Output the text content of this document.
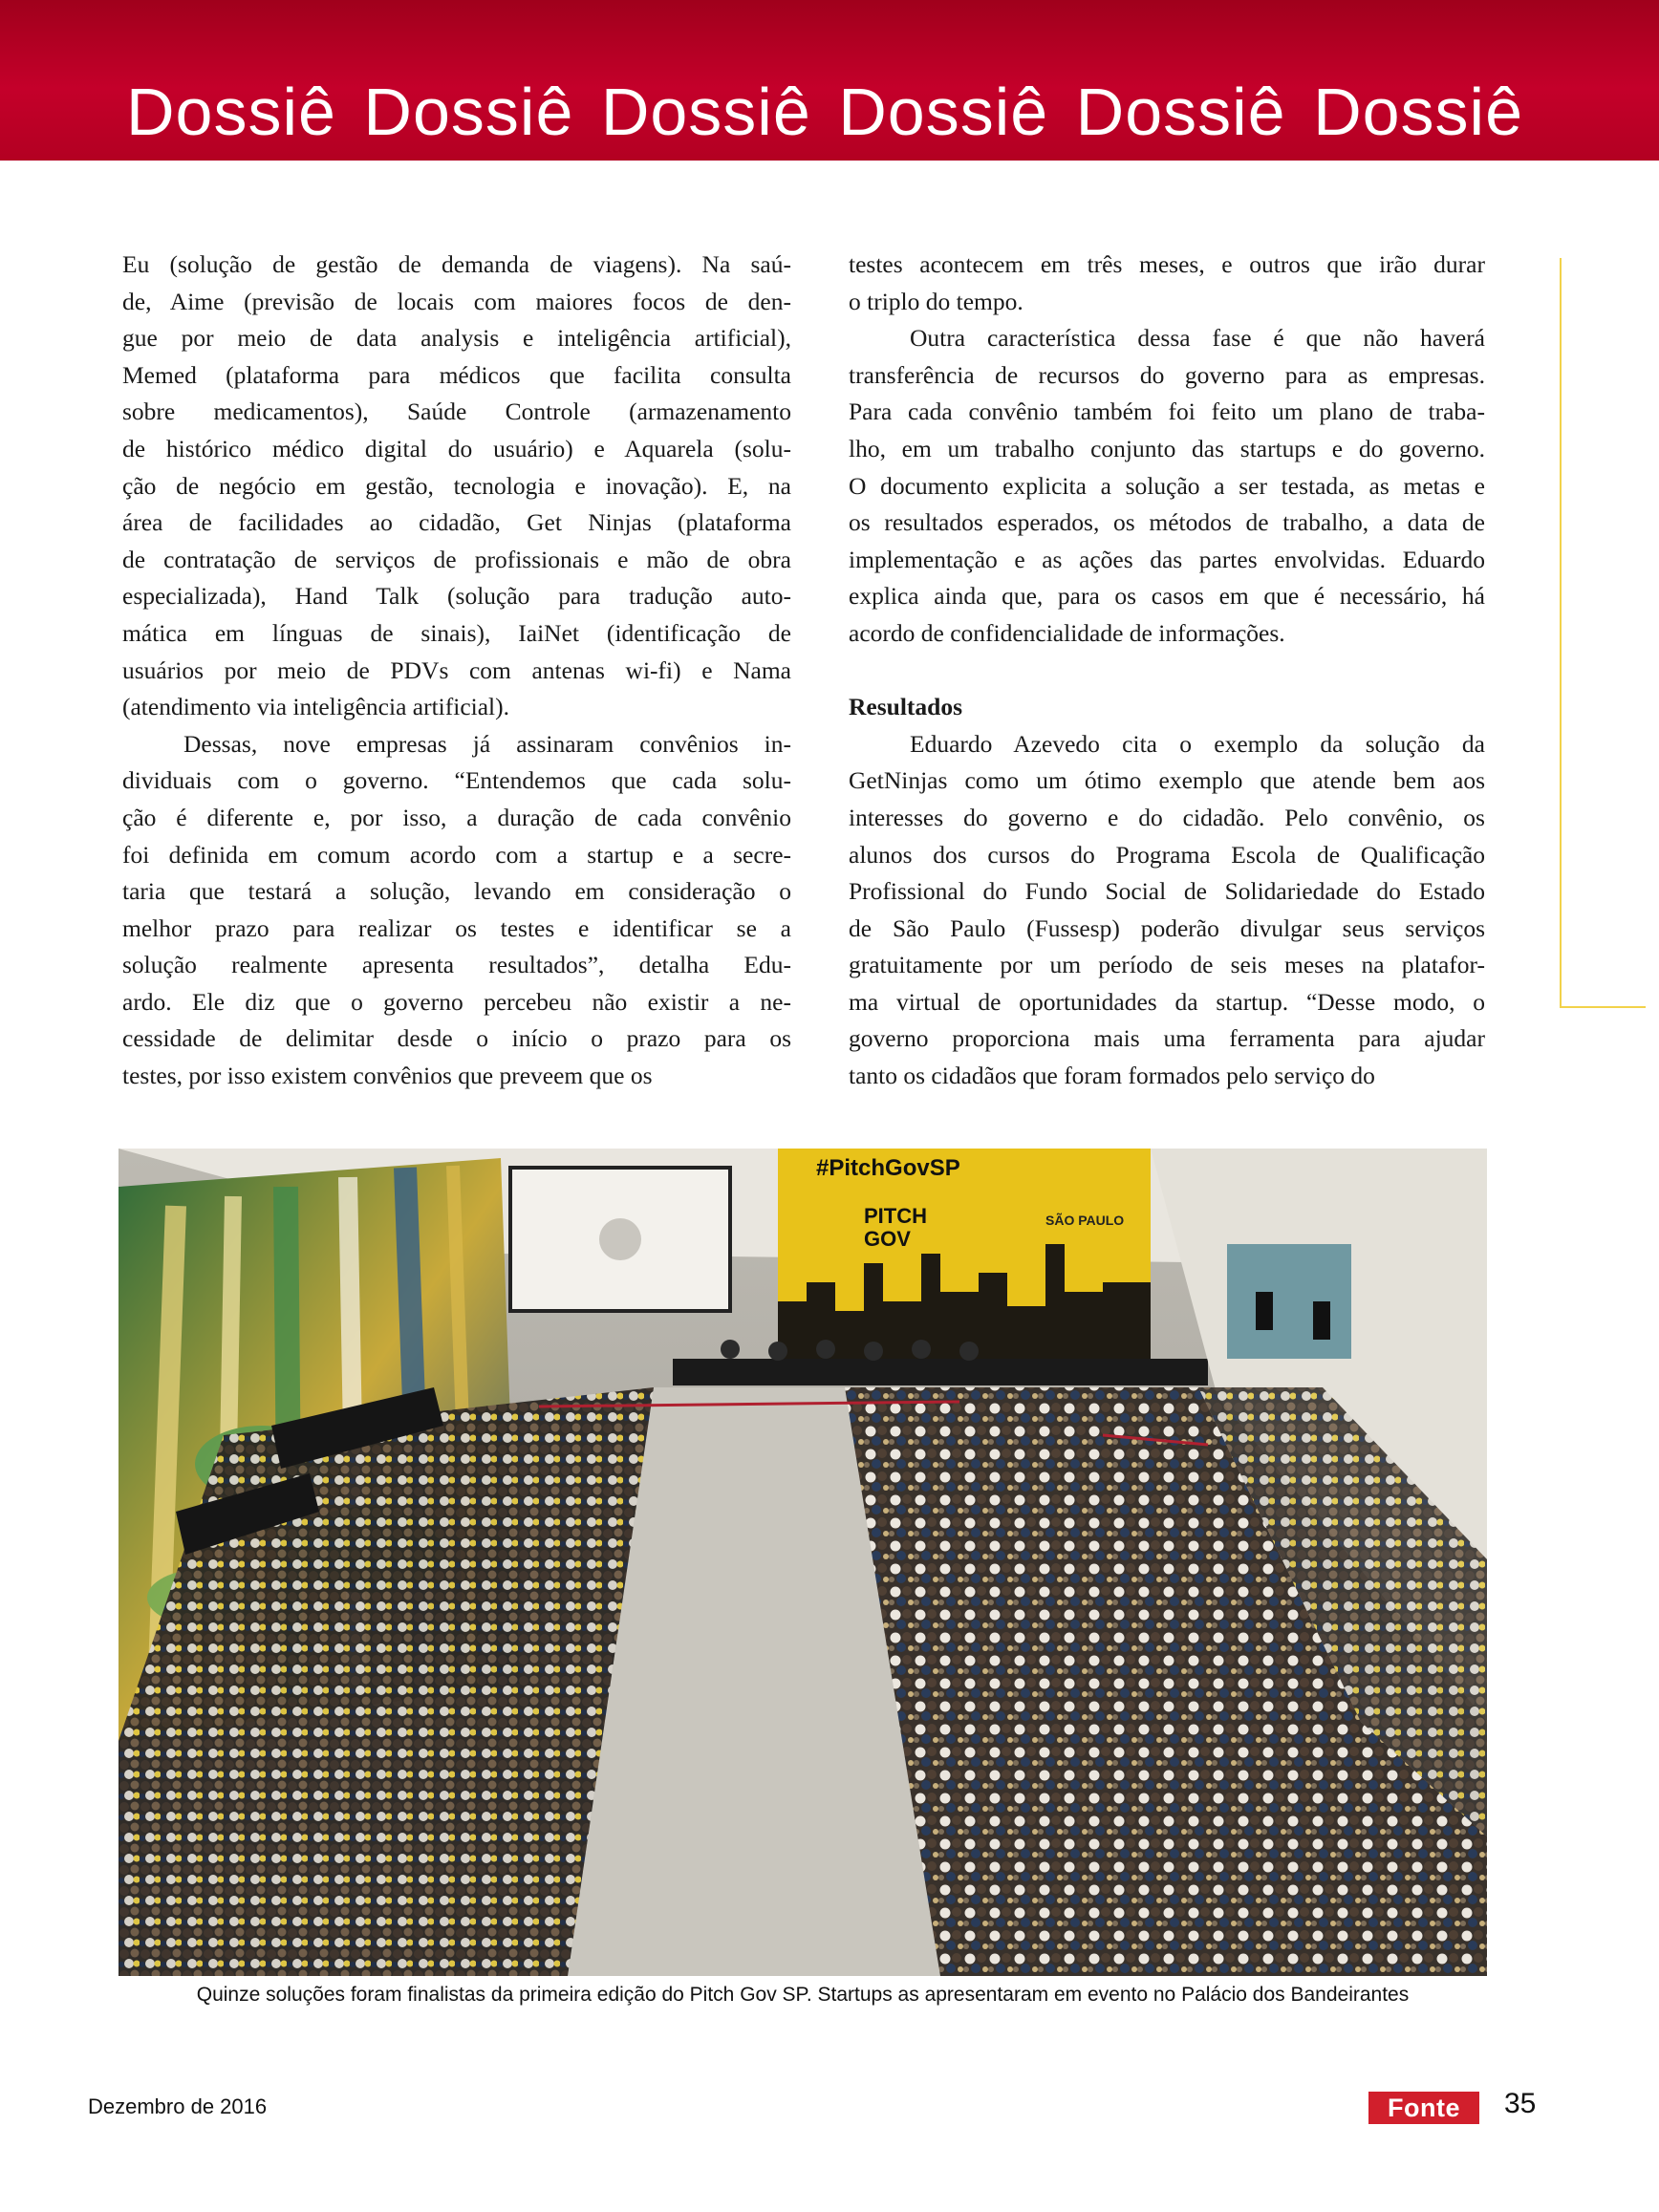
Dossiê Dossiê Dossiê Dossiê Dossiê Dossiê
Eu (solução de gestão de demanda de viagens). Na saú-
de, Aime (previsão de locais com maiores focos de den-
gue por meio de data analysis e inteligência artificial),
Memed (plataforma para médicos que facilita consulta
sobre medicamentos), Saúde Controle (armazenamento
de histórico médico digital do usuário) e Aquarela (solu-
ção de negócio em gestão, tecnologia e inovação). E, na
área de facilidades ao cidadão, Get Ninjas (plataforma
de contratação de serviços de profissionais e mão de obra
especializada), Hand Talk (solução para tradução auto-
mática em línguas de sinais), IaiNet (identificação de
usuários por meio de PDVs com antenas wi-fi) e Nama
(atendimento via inteligência artificial).
Dessas, nove empresas já assinaram convênios in-
dividuais com o governo. “Entendemos que cada solu-
ção é diferente e, por isso, a duração de cada convênio
foi definida em comum acordo com a startup e a secre-
taria que testará a solução, levando em consideração o
melhor prazo para realizar os testes e identificar se a
solução realmente apresenta resultados”, detalha Edu-
ardo. Ele diz que o governo percebeu não existir a ne-
cessidade de delimitar desde o início o prazo para os
testes, por isso existem convênios que preveem que os
testes acontecem em três meses, e outros que irão durar
o triplo do tempo.
Outra característica dessa fase é que não haverá
transferência de recursos do governo para as empresas.
Para cada convênio também foi feito um plano de traba-
lho, em um trabalho conjunto das startups e do governo.
O documento explicita a solução a ser testada, as metas e
os resultados esperados, os métodos de trabalho, a data de
implementação e as ações das partes envolvidas. Eduardo
explica ainda que, para os casos em que é necessário, há
acordo de confidencialidade de informações.
Resultados
Eduardo Azevedo cita o exemplo da solução da
GetNinjas como um ótimo exemplo que atende bem aos
interesses do governo e do cidadão. Pelo convênio, os
alunos dos cursos do Programa Escola de Qualificação
Profissional do Fundo Social de Solidariedade do Estado
de São Paulo (Fussesp) poderão divulgar seus serviços
gratuitamente por um período de seis meses na platafor-
ma virtual de oportunidades da startup. “Desse modo, o
governo proporciona mais uma ferramenta para ajudar
tanto os cidadãos que foram formados pelo serviço do
#PitchGovSP
PITCH
GOV
SÃO PAULO
Quinze soluções foram finalistas da primeira edição do Pitch Gov SP. Startups as apresentaram em evento no Palácio dos Bandeirantes
Dezembro de 2016	Fonte	35
